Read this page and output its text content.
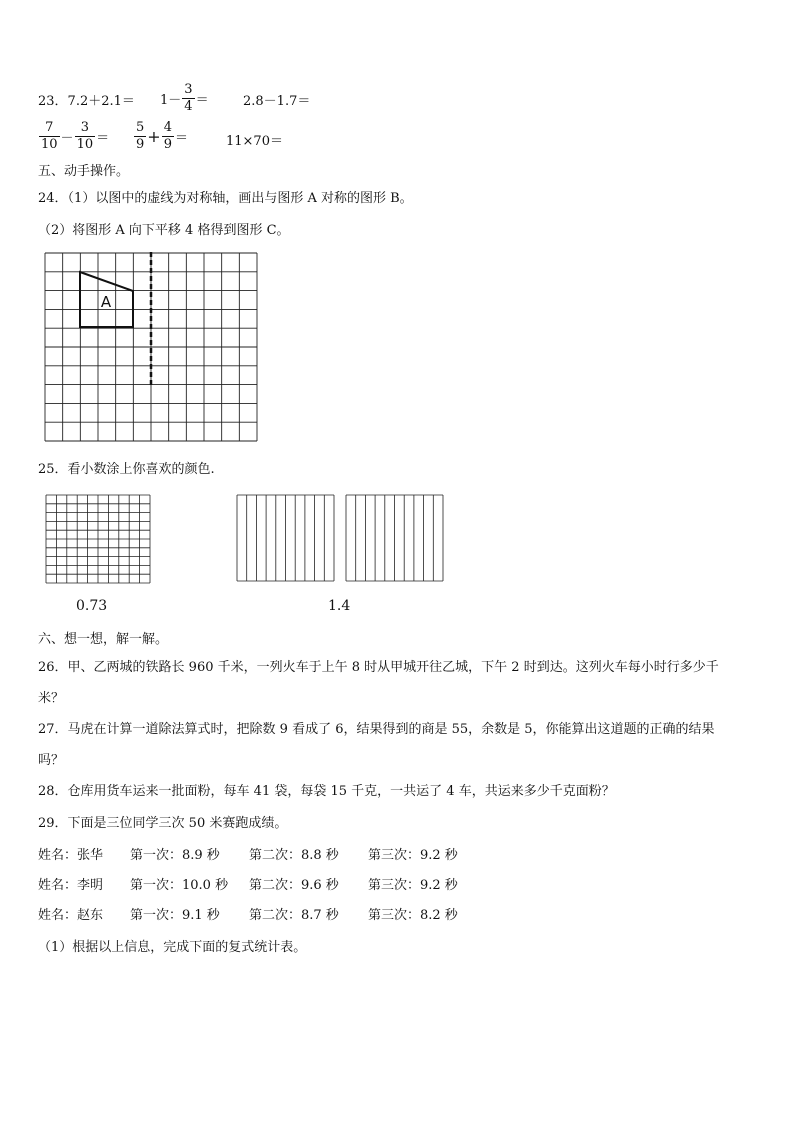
23．$7.2+2.1= 1- \frac{3}{4}$ ＝	2.8－1.7＝
$\frac{7}{10} - \frac{3}{10} = \frac{5}{9} + \frac{4}{9}$ ＝	11×70＝
五、动手操作。
24．（1）以图中的虚线为对称轴，画出与图形 A 对称的图形 B。
（2）将图形 A 向下平移 4 格得到图形 C。
A
25．看小数涂上你喜欢的颜色.
0.73	1.4
六、想一想，解一解。
26．甲、乙两城的铁路长 960 千米，一列火车于上午 8 时从甲城开往乙城，下午 2 时到达。这列火车每小时行多少千
米？
27．马虎在计算一道除法算式时，把除数 9 看成了 6，结果得到的商是 55，余数是 5，你能算出这道题的正确的结果
吗？
28．仓库用货车运来一批面粉，每车 41 袋，每袋 15 千克，一共运了 4 车，共运来多少千克面粉？
29．下面是三位同学三次 50 米赛跑成绩。
姓名：张华 第一次：8.9 秒 第二次：8.8 秒 第三次：9.2 秒
姓名：李明 第一次：10.0 秒 第二次：9.6 秒 第三次：9.2 秒
姓名：赵东 第一次：9.1 秒 第二次：8.7 秒 第三次：8.2 秒
（1）根据以上信息，完成下面的复式统计表。
